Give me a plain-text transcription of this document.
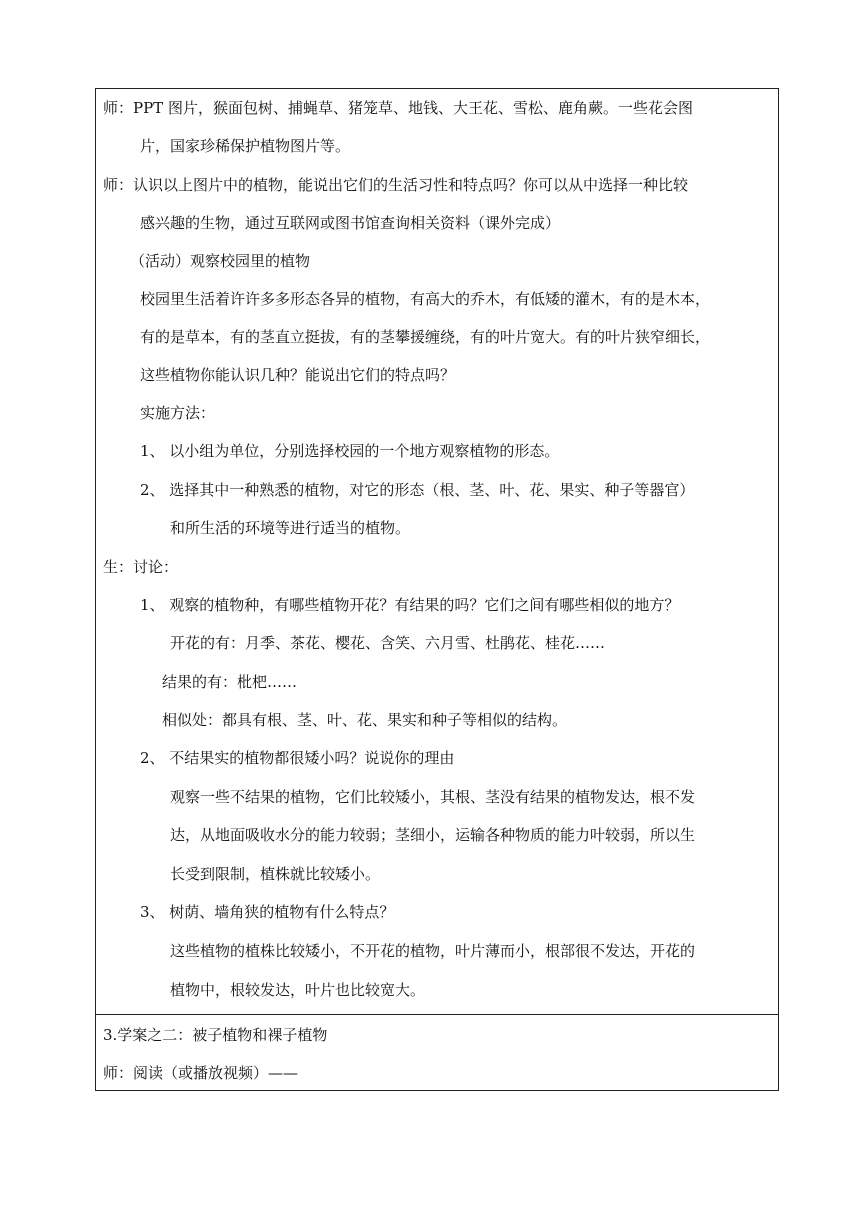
师：PPT 图片，猴面包树、捕蝇草、猪笼草、地钱、大王花、雪松、鹿角蕨。一些花会图
片，国家珍稀保护植物图片等。
师：认识以上图片中的植物，能说出它们的生活习性和特点吗？你可以从中选择一种比较
感兴趣的生物，通过互联网或图书馆查询相关资料（课外完成）
（活动）观察校园里的植物
校园里生活着许许多多形态各异的植物，有高大的乔木，有低矮的灌木，有的是木本，
有的是草本，有的茎直立挺拔，有的茎攀援缠绕，有的叶片宽大。有的叶片狭窄细长，
这些植物你能认识几种？能说出它们的特点吗？
实施方法：
1、 以小组为单位，分别选择校园的一个地方观察植物的形态。
2、 选择其中一种熟悉的植物，对它的形态（根、茎、叶、花、果实、种子等器官）
和所生活的环境等进行适当的植物。
生：讨论：
1、 观察的植物种，有哪些植物开花？有结果的吗？它们之间有哪些相似的地方？
开花的有：月季、茶花、樱花、含笑、六月雪、杜鹃花、桂花……
结果的有：枇杷……
相似处：都具有根、茎、叶、花、果实和种子等相似的结构。
2、 不结果实的植物都很矮小吗？说说你的理由
观察一些不结果的植物，它们比较矮小，其根、茎没有结果的植物发达，根不发
达，从地面吸收水分的能力较弱；茎细小，运输各种物质的能力叶较弱，所以生
长受到限制，植株就比较矮小。
3、 树荫、墙角狭的植物有什么特点？
这些植物的植株比较矮小，不开花的植物，叶片薄而小，根部很不发达，开花的
植物中，根较发达，叶片也比较宽大。
3.学案之二：被子植物和裸子植物
师：阅读（或播放视频）——
